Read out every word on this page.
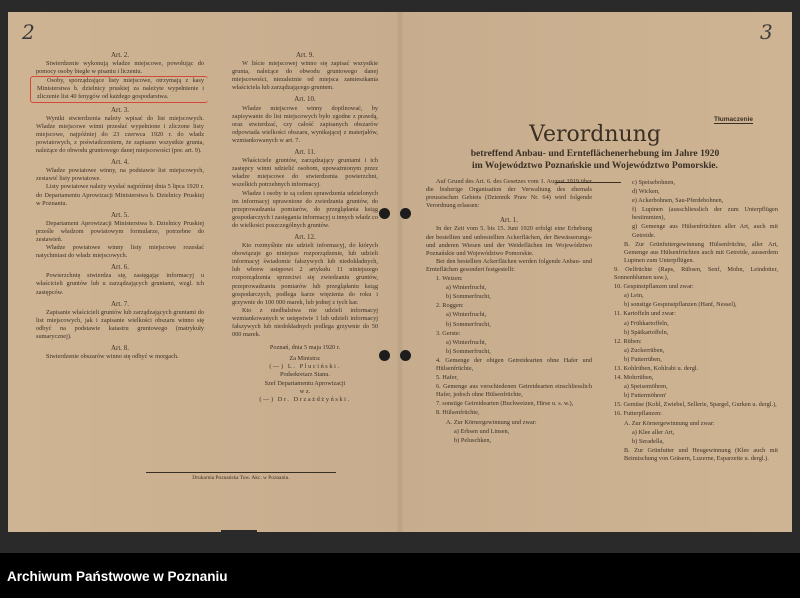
2	3
Art. 2.

Stwierdzenie wykonują władze miejscowe, powołując do pomocy osoby biegłe w pisaniu i liczeniu.

Osoby, sporządzające listy miejscowe, otrzymają z kasy Ministerstwa b. dzielnicy pruskiej za należyte wypełnienie i zliczenie list 40 fenygów od każdego gospodarstwa.

Art. 3.

Wyniki stwierdzenia należy wpisać do list miejscowych. Władze miejscowe winni przesłać wypełnione i zliczone listy miejscowe, najpóźniej do 23 czerwca 1920 r. do władz powiatowych, z poświadczeniem, że zapisano wszystkie grunta, należące do obwodu gruntowego danej miejscowości (por. art. 9).

Art. 4.

Władze powiatowe winny, na podstawie list miejscowych, zestawić listy powiatowe.

Listy powiatowe należy wysłać najpóźniej dnia 5 lipca 1920 r. do Departamentu Aprowizacji Ministerstwa b. Dzielnicy Pruskiej w Poznaniu.

Art. 5.

Departament Aprowizacji Ministerstwa b. Dzielnicy Pruskiej prześle władzom powiatowym formularze, potrzebne do zestawień.

Władze powiatowe winny listy miejscowe rozesłać natychmiast do władz miejscowych.

Art. 6.

Powierzchnię stwierdza się, zasięgając informacyj u właścicieli gruntów lub u zarządzających gruntami, wzgl. ich zastępców.

Art. 7.

Zapisanie właścicieli gruntów lub zarządzających gruntami do list miejscowych, jak i zapisanie wielkości obszaru winno się odbyć na podstawie katastru gruntowego (matrykuły sumarycznej).

Art. 8.

Stwierdzenie obszarów winno się odbyć w morgach.

Art. 9.

W liście miejscowej winno się zapisać wszystkie grunta, należące do obwodu gruntowego danej miejscowości, niezależnie od miejsca zamieszkania właściciela lub zarządzającego gruntem.

Art. 10.

Władze miejscowe winny dopilnować, by zapisywanie do list miejscowych było zgodne z prawdą, oraz stwierdzać, czy całość zapisanych obszarów odpowiada wielkości obszaru, wynikającej z materjałów, wzmiankowanych w art. 7.

Art. 11.

Właściciele gruntów, zarządzający gruntami i ich zastępcy winni udzielić osobom, upoważnionym przez władze miejscowe do stwierdzenia powierzchni, wszelkich potrzebnych informacyj.

Władze i osoby te są celem sprawdzenia udzielonych im informacyj uprawnione do zwiedzania gruntów, do przeprowadzania pomiarów, do przeglądania ksiąg gospodarczych i zasięgania informacyj u innych władz co do wielkości poszczególnych gruntów.

Art. 12.

Kto rozmyślnie nie udzieli informacyj, do których obowiązuje go niniejsze rozporządzenie, lub udzieli informacyj świadomie fałszywych lub niedokładnych, lub wbrew ustępowi 2 artykułu 11 niniejszego rozporządzenia sprzeciwi się zwiedzaniu gruntów, przeprowadzaniu pomiarów lub przeglądaniu ksiąg gospodarczych, podlega karze więzienia do roku i grzywnie do 100 000 marek, lub jednej z tych kar.

Kto z niedbalstwa nie udzieli informacyj wzmiankowanych w ustępstwie 1 lub udzieli informacyj fałszywych lub niedokładnych podlega grzywnie do 50 000 marek.

Poznań, dnia 5 maja 1920 r.
Za Ministra:
(—) L. Pluciński.
Podsekretarz Stanu.
Szef Departamentu Aprowizacji
w z.
(—) Dr. Drzażdżyński.
Drukarnia Poznańska Tow. Akc. w Poznaniu.
Tłumaczenie
Verordnung
betreffend Anbau- und Ernteflächenerhebung im Jahre 1920
im Województwo Poznańskie und Województwo Pomorskie.

Auf Grund des Art. 6. des Gesetzes vom 1. August 1919 über die bisherige Organisation der Verwaltung des ehemals preussischen Gebiets (Dziennik Praw Nr. 64) wird folgende Verordnung erlassen:

Art. 1.

In der Zeit vom 5. bis 15. Juni 1920 erfolgt eine Erhebung der bestellten und unbestellten Ackerflächen, der Bewässerungs- und anderen Wiesen und der Weideflächen im Województwo Poznańskie und Województwo Pomorskie.

Bei den bestellten Ackerflächen werden folgende Anbau- und Ernteflächen gesondert festgestellt:

1. Weizen:
a) Winterfrucht,
b) Sommerfrucht,
2. Roggen:
a) Winterfrucht,
b) Sommerfrucht,
3. Gerste:
a) Winterfrucht,
b) Sommerfrucht,
4. Gemenge der obigen Getreidearten ohne Hafer und Hülsenfrüchte,
5. Hafer,
6. Gemenge aus verschiedenen Getreidearten einschliesslich Hafer, jedoch ohne Hülsenfrüchte,
7. sonstige Getreidearten (Buchweizen, Hirse u. s. w.),
8. Hülsenfrüchte,
A. Zur Körnergewinnung und zwar:
a) Erbsen und Linsen,
b) Peluschken,
c) Speisebohnen,
d) Wicken,
e) Ackerbohnen, Sau-Pferdebohnen,
f) Lupinen (ausschliesslich der zum Unterpflügen bestimmten),
g) Gemenge aus Hülsenfrüchten aller Art, auch mit Getreide.
B. Zur Grünfuttergewinnung Hülsenfrüchte, aller Art, Gemenge aus Hülsenfrüchten auch mit Getreide, ausserdem Lupinen zum Unterpflügen.
9. Oelfrüchte (Raps, Rübsen, Senf, Mohn, Leindotter, Sonnenblumen usw.),
10. Gespinstpflanzen und zwar:
a) Lein,
b) sonstige Gespinstpflanzen (Hanf, Nessel),
11. Kartoffeln und zwar:
a) Frühkartoffeln,
b) Spätkartoffeln,
12. Rüben:
a) Zuckerrüben,
b) Futterrüben,
13. Kohlrüben, Kohlrabi u. dergl.
14. Mohrrüben,
a) Speisemöhren,
b) Futtermöhren'
15. Gemüse (Kohl, Zwiebel, Sellerie, Spargel, Gurken u. dergl.),
16. Futterpflanzen:
A. Zur Körnergewinnung und zwar:
a) Klee aller Art,
b) Seradella,
B. Zur Grünfutter und Heugewinnung (Klee auch mit Beimischung von Gräsern, Luzerne, Esparzette u. dergl.).
Archiwum Państwowe w Poznaniu
